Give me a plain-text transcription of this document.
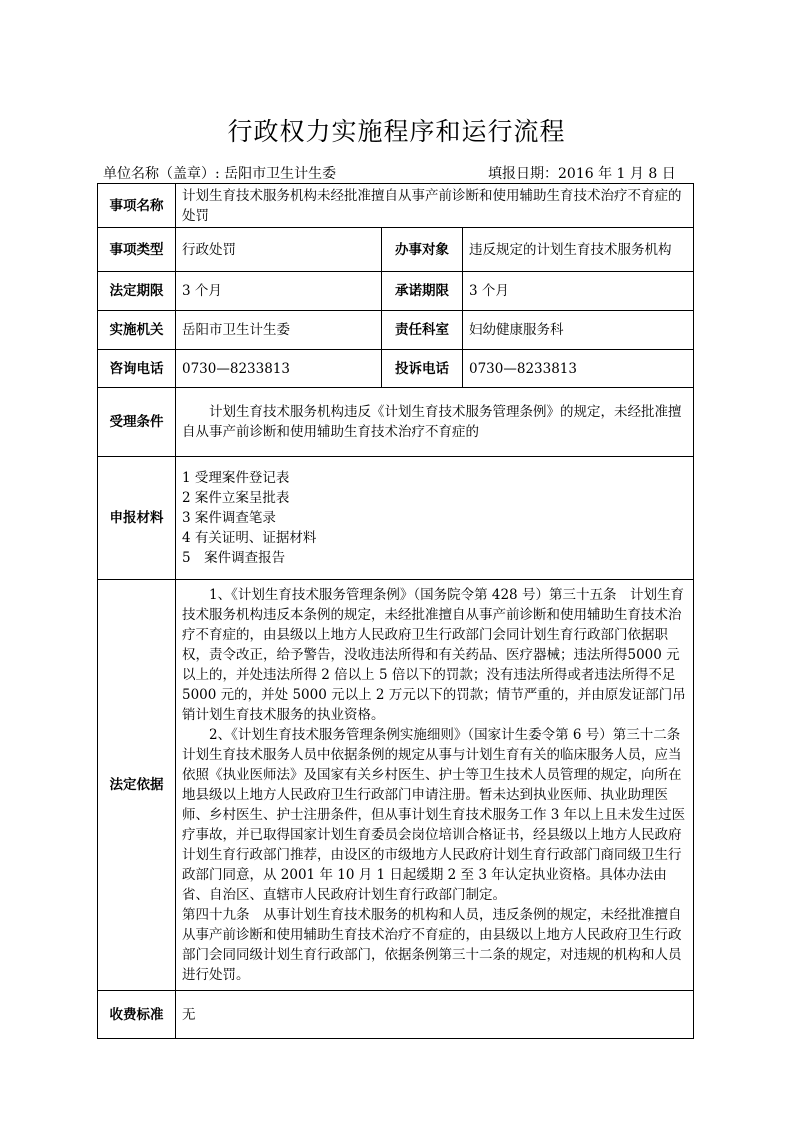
行政权力实施程序和运行流程
单位名称（盖章）: 岳阳市卫生计生委	填报日期：2016 年 1 月 8 日
事项名称	计划生育技术服务机构未经批准擅自从事产前诊断和使用辅助生育技术治疗不育症的处罚		
事项类型	行政处罚	办事对象	违反规定的计划生育技术服务机构
法定期限	3 个月	承诺期限	3 个月
实施机关	岳阳市卫生计生委	责任科室	妇幼健康服务科
咨询电话	0730—8233813	投诉电话	0730—8233813
受理条件	计划生育技术服务机构违反《计划生育技术服务管理条例》的规定，未经批准擅自从事产前诊断和使用辅助生育技术治疗不育症的		

申报材料	1 受理案件登记表

2 案件立案呈批表

3 案件调查笔录

4 有关证明、证据材料

5　案件调查报告		

法定依据	1、《计划生育技术服务管理条例》（国务院令第 428 号）第三十五条　计划生育技术服务机构违反本条例的规定，未经批准擅自从事产前诊断和使用辅助生育技术治疗不育症的，由县级以上地方人民政府卫生行政部门会同计划生育行政部门依据职权，责令改正，给予警告，没收违法所得和有关药品、医疗器械；违法所得5000 元以上的，并处违法所得 2 倍以上 5 倍以下的罚款；没有违法所得或者违法所得不足 5000 元的，并处 5000 元以上 2 万元以下的罚款；情节严重的，并由原发证部门吊销计划生育技术服务的执业资格。

2、《计划生育技术服务管理条例实施细则》（国家计生委令第 6 号）第三十二条　计划生育技术服务人员中依据条例的规定从事与计划生育有关的临床服务人员，应当依照《执业医师法》及国家有关乡村医生、护士等卫生技术人员管理的规定，向所在地县级以上地方人民政府卫生行政部门申请注册。暂未达到执业医师、执业助理医师、乡村医生、护士注册条件，但从事计划生育技术服务工作 3 年以上且未发生过医疗事故，并已取得国家计划生育委员会岗位培训合格证书，经县级以上地方人民政府计划生育行政部门推荐，由设区的市级地方人民政府计划生育行政部门商同级卫生行政部门同意，从 2001 年 10 月 1 日起缓期 2 至 3 年认定执业资格。具体办法由省、自治区、直辖市人民政府计划生育行政部门制定。

第四十九条　从事计划生育技术服务的机构和人员，违反条例的规定，未经批准擅自从事产前诊断和使用辅助生育技术治疗不育症的，由县级以上地方人民政府卫生行政部门会同同级计划生育行政部门，依据条例第三十二条的规定，对违规的机构和人员进行处罚。		

收费标准	无		
